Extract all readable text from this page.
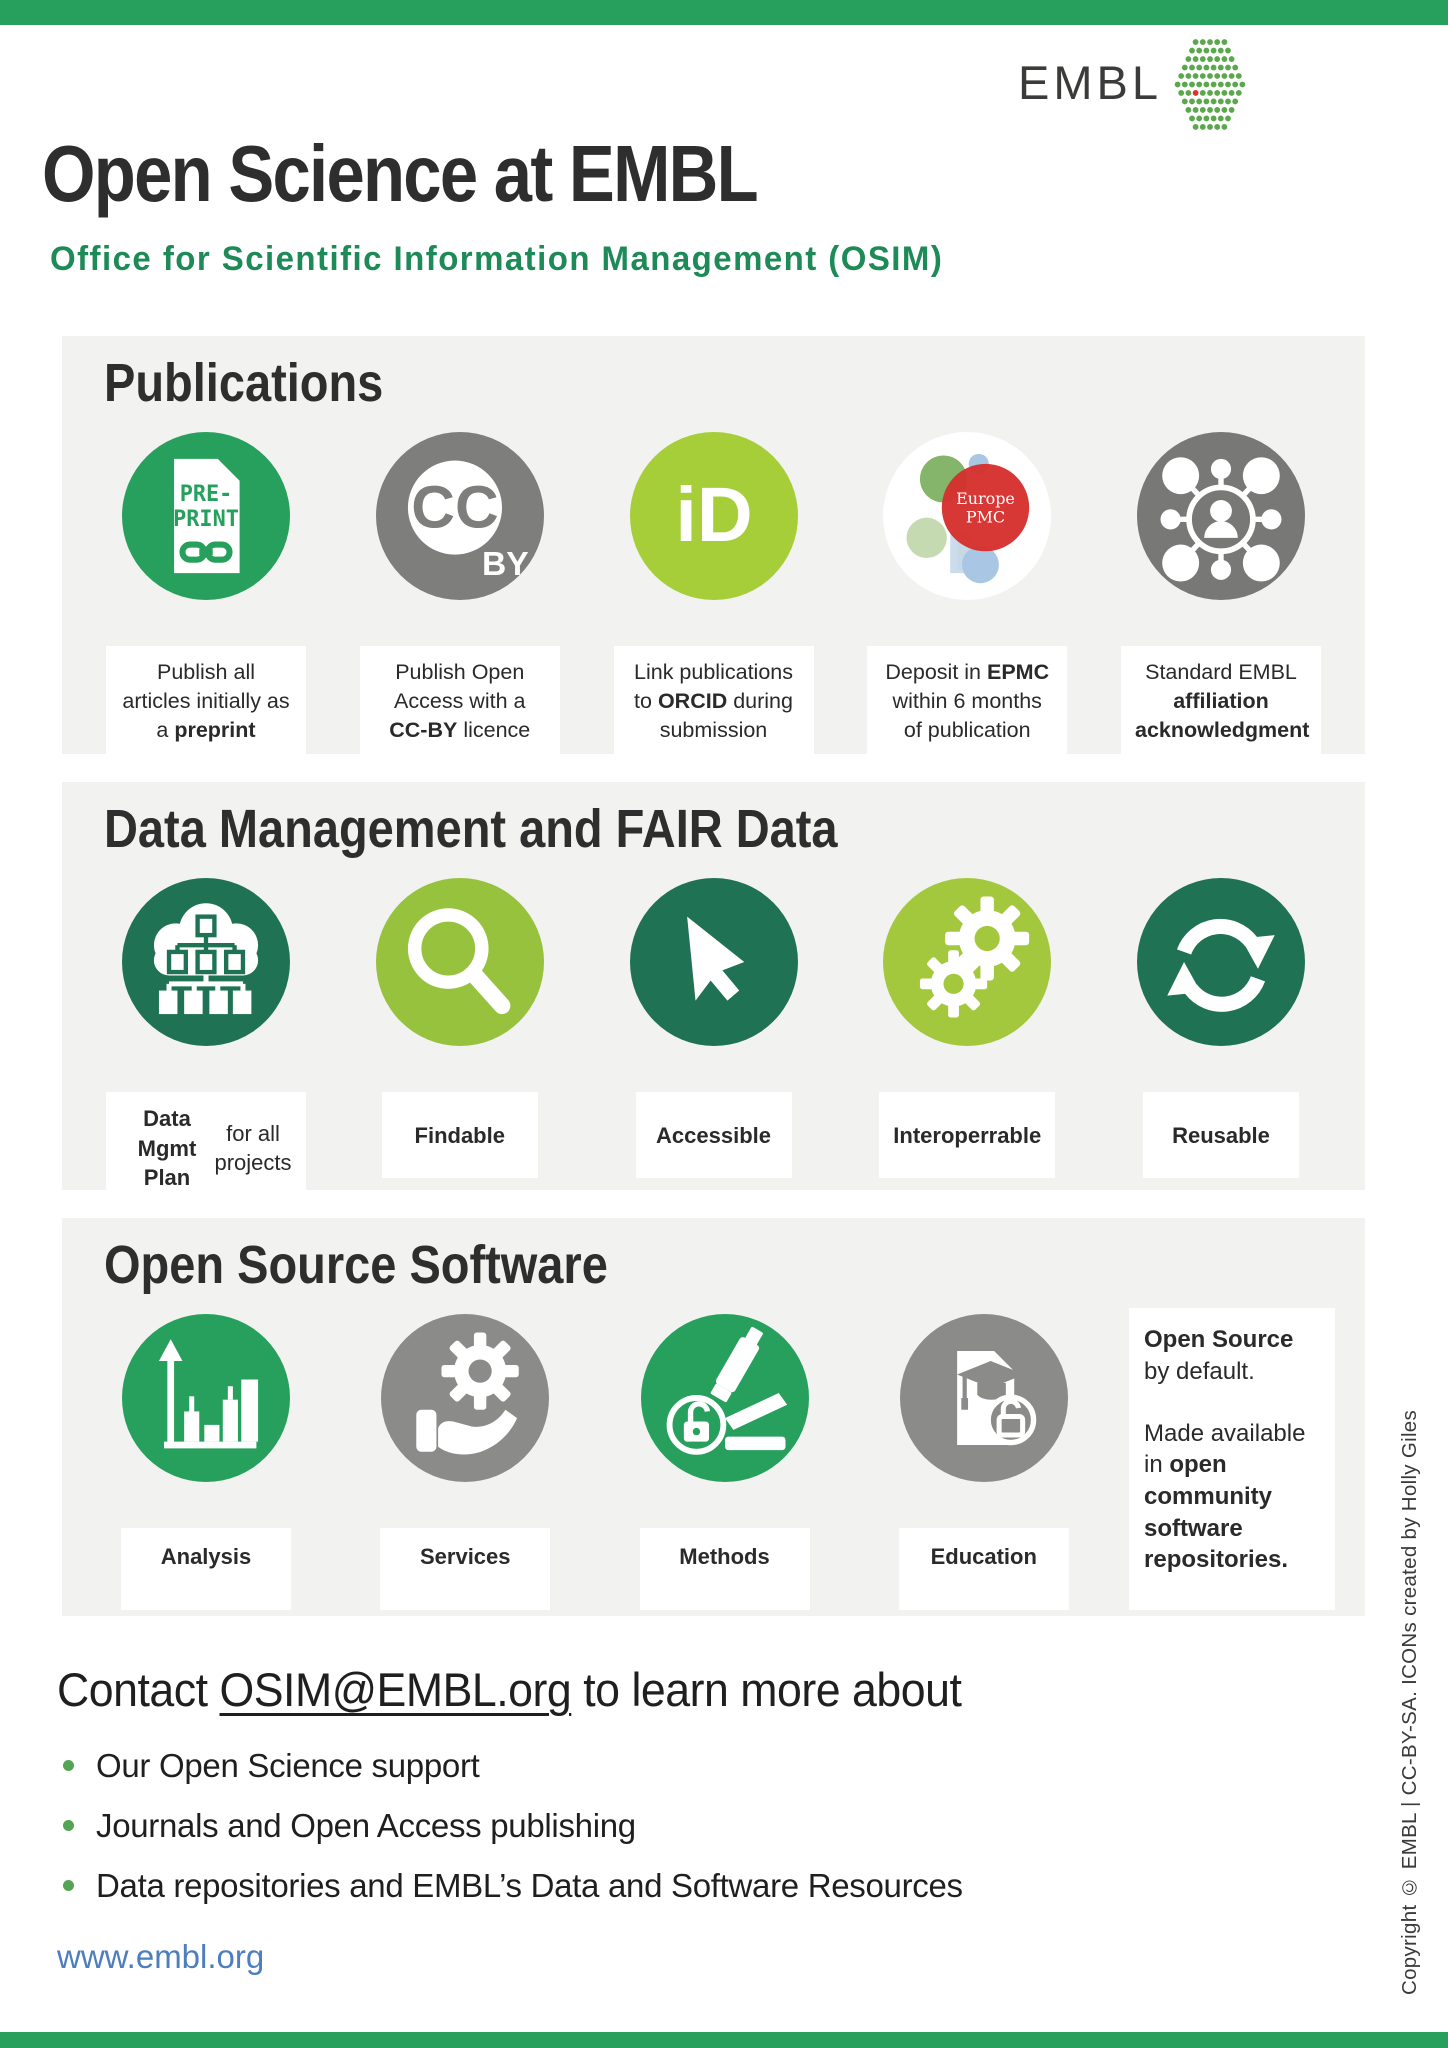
EMBL
Open Science at EMBL
Office for Scientific Information Management (OSIM)
Publications
PRE-
PRINT
Publish all articles initially as a preprint
CC
BY
Publish Open Access with a CC-BY licence
iD
Link publications to ORCID during submission
Europe
PMC
Deposit in EPMC within 6 months of publication
Standard EMBL affiliation acknowledgment
Data Management and FAIR Data
Data Mgmt Plan
for all projects
Findable	Accessible	Interoperrable	Reusable
Open Source Software
Analysis	Services	Methods	Education

Open Source by default.

Made available in open community software repositories.

Contact OSIM@EMBL.org to learn more about
Our Open Science support
Journals and Open Access publishing
Data repositories and EMBL’s Data and Software Resources
www.embl.org	Copyright © EMBL | CC-BY-SA. ICONs created by Holly Giles
